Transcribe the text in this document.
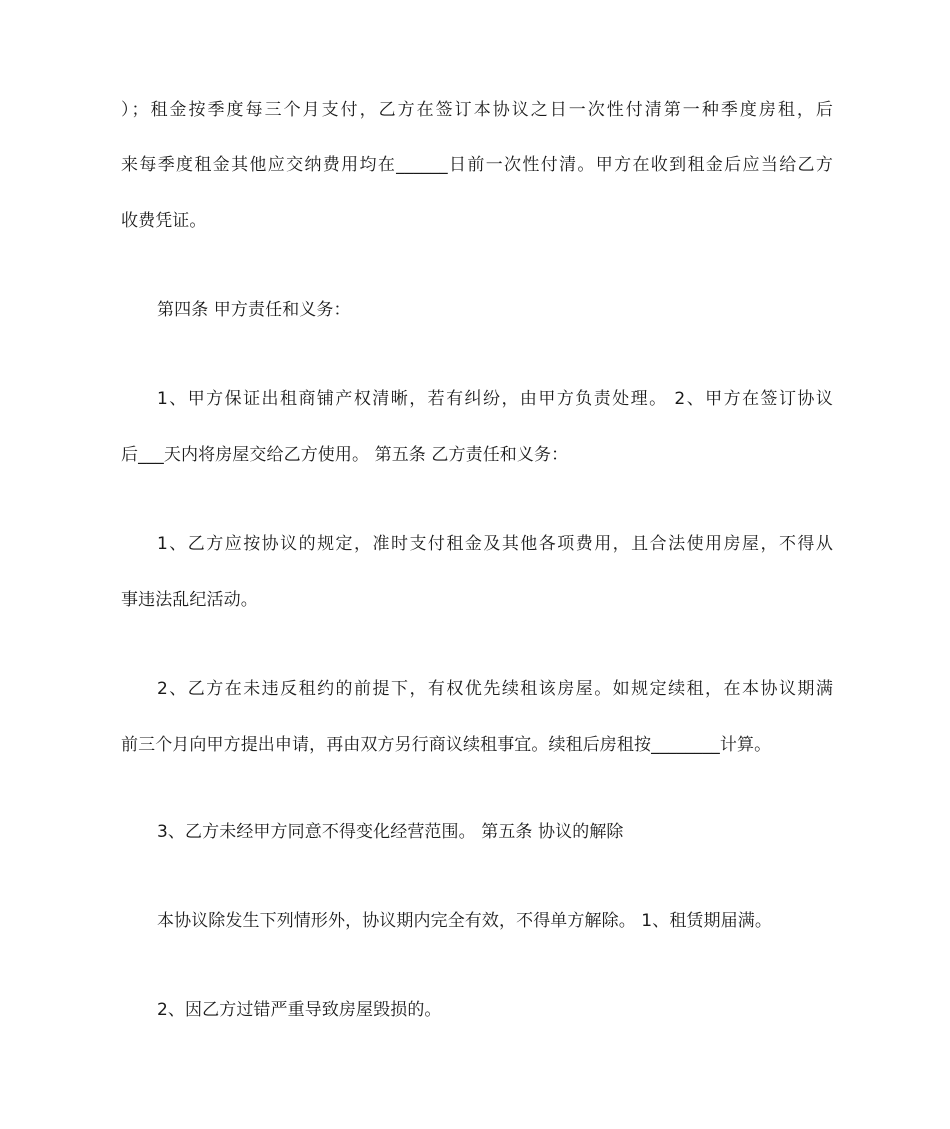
）；租金按季度每三个月支付，乙方在签订本协议之日一次性付清第一种季度房租，后
来每季度租金其他应交纳费用均在______日前一次性付清。甲方在收到租金后应当给乙方
收费凭证。
第四条 甲方责任和义务：
1、甲方保证出租商铺产权清晰，若有纠纷，由甲方负责处理。 2、甲方在签订协议
后___天内将房屋交给乙方使用。 第五条 乙方责任和义务：
1、乙方应按协议的规定，准时支付租金及其他各项费用，且合法使用房屋，不得从
事违法乱纪活动。
2、乙方在未违反租约的前提下，有权优先续租该房屋。如规定续租，在本协议期满
前三个月向甲方提出申请，再由双方另行商议续租事宜。续租后房租按________计算。
3、乙方未经甲方同意不得变化经营范围。 第五条 协议的解除
本协议除发生下列情形外，协议期内完全有效，不得单方解除。 1、租赁期届满。
2、因乙方过错严重导致房屋毁损的。
